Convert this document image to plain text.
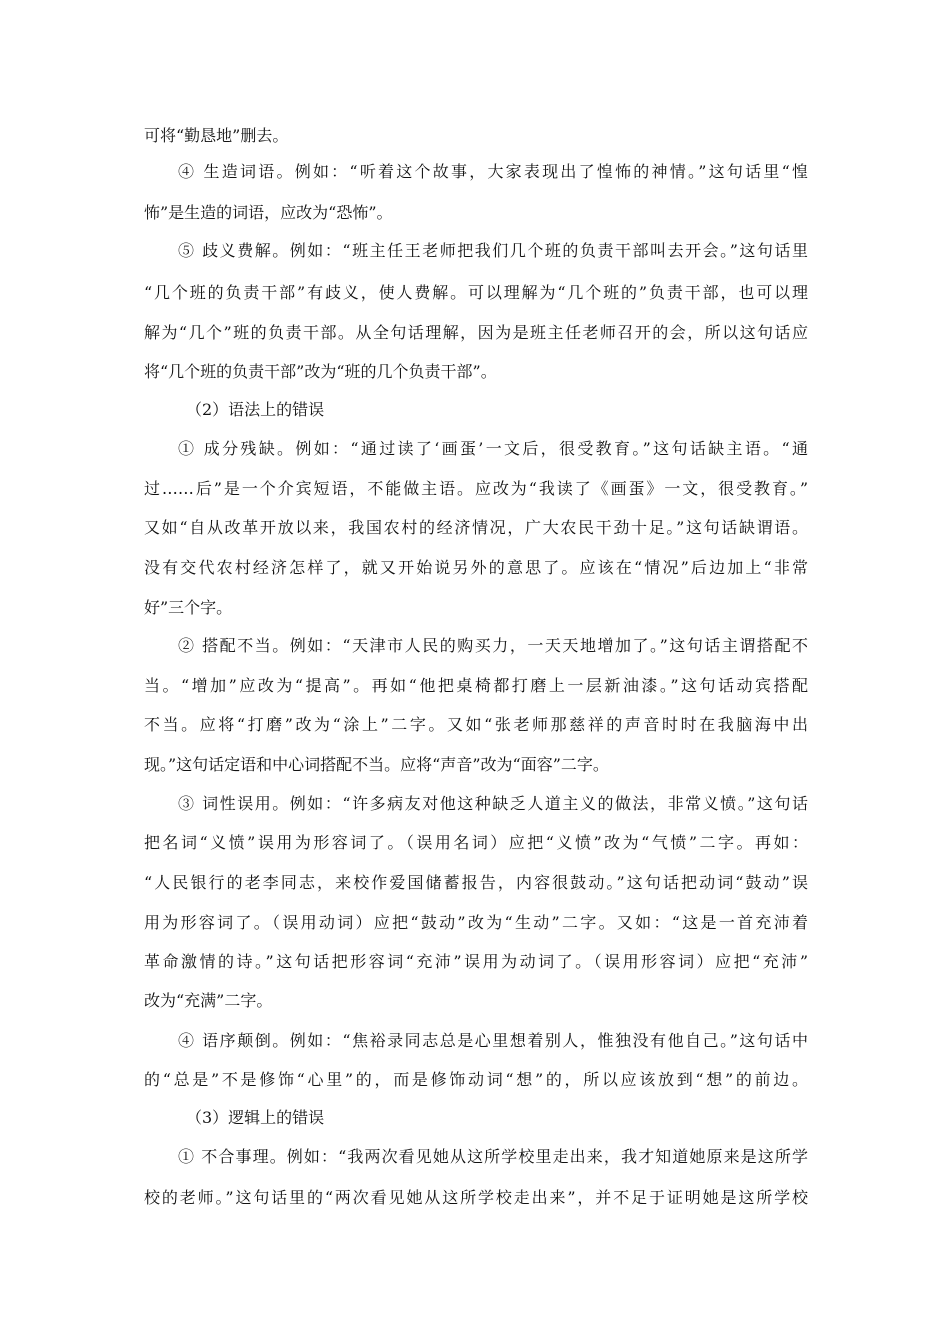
可将“勤恳地”删去。
④ 生造词语。例如：“听着这个故事，大家表现出了惶怖的神情。”这句话里“惶
怖”是生造的词语，应改为“恐怖”。
⑤ 歧义费解。例如：“班主任王老师把我们几个班的负责干部叫去开会。”这句话里
“几个班的负责干部”有歧义，使人费解。可以理解为“几个班的”负责干部，也可以理
解为“几个”班的负责干部。从全句话理解，因为是班主任老师召开的会，所以这句话应
将“几个班的负责干部”改为“班的几个负责干部”。
（2）语法上的错误
① 成分残缺。例如：“通过读了‘画蛋’一文后，很受教育。”这句话缺主语。“通
过……后”是一个介宾短语，不能做主语。应改为“我读了《画蛋》一文，很受教育。”
又如“自从改革开放以来，我国农村的经济情况，广大农民干劲十足。”这句话缺谓语。
没有交代农村经济怎样了，就又开始说另外的意思了。应该在“情况”后边加上“非常
好”三个字。
② 搭配不当。例如：“天津市人民的购买力，一天天地增加了。”这句话主谓搭配不
当。“增加”应改为“提高”。再如“他把桌椅都打磨上一层新油漆。”这句话动宾搭配
不当。应将“打磨”改为“涂上”二字。又如“张老师那慈祥的声音时时在我脑海中出
现。”这句话定语和中心词搭配不当。应将“声音”改为“面容”二字。
③ 词性误用。例如：“许多病友对他这种缺乏人道主义的做法，非常义愤。”这句话
把名词“义愤”误用为形容词了。（误用名词）应把“义愤”改为“气愤”二字。再如：
“人民银行的老李同志，来校作爱国储蓄报告，内容很鼓动。”这句话把动词“鼓动”误
用为形容词了。（误用动词）应把“鼓动”改为“生动”二字。又如：“这是一首充沛着
革命激情的诗。”这句话把形容词“充沛”误用为动词了。（误用形容词）应把“充沛”
改为“充满”二字。
④ 语序颠倒。例如：“焦裕录同志总是心里想着别人，惟独没有他自己。”这句话中
的“总是”不是修饰“心里”的，而是修饰动词“想”的，所以应该放到“想”的前边。
（3）逻辑上的错误
① 不合事理。例如：“我两次看见她从这所学校里走出来，我才知道她原来是这所学
校的老师。”这句话里的“两次看见她从这所学校走出来”，并不足于证明她是这所学校
